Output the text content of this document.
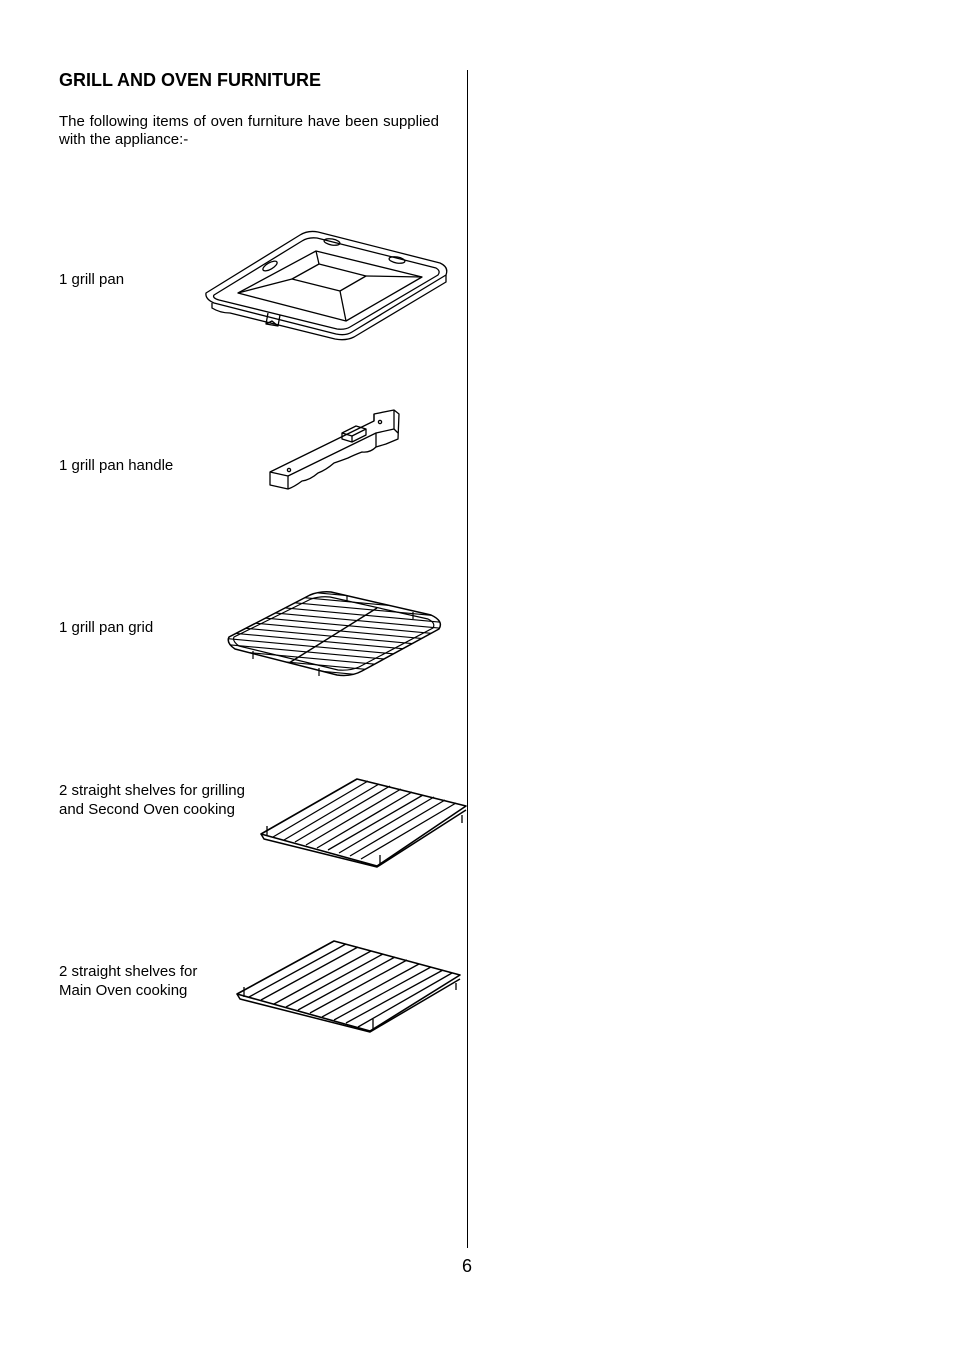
GRILL AND OVEN FURNITURE

The following items of oven furniture have been supplied with the appliance:-

1 grill pan

1 grill pan handle

1 grill pan grid

2 straight shelves for grilling
and Second Oven cooking

2 straight shelves for
Main Oven cooking

6
